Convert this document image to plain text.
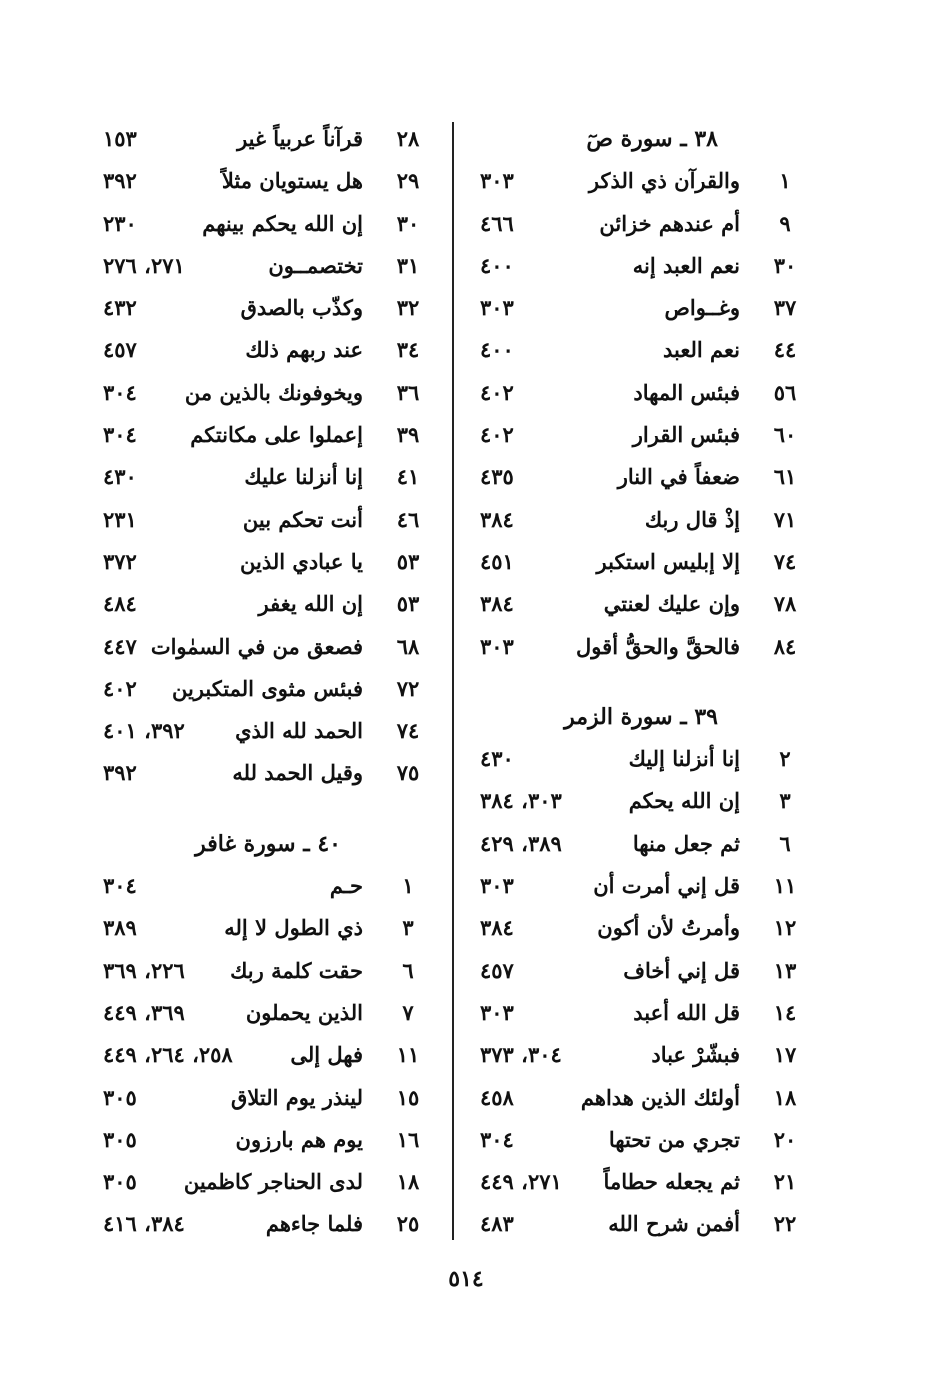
٣٨ ـ سورة صٓ
١
والقرآن ذي الذكر
٣٠٣
٩
أم عندهم خزائن
٤٦٦
٣٠
نعم العبد إنه
٤٠٠
٣٧
وغــواص
٣٠٣
٤٤
نعم العبد
٤٠٠
٥٦
فبئس المهاد
٤٠٢
٦٠
فبئس القرار
٤٠٢
٦١
ضعفاً في النار
٤٣٥
٧١
إذْ قال ربك
٣٨٤
٧٤
إلا إبليس استكبر
٤٥١
٧٨
وإن عليك لعنتي
٣٨٤
٨٤
فالحقَّ والحقُّ أقول
٣٠٣
٣٩ ـ سورة الزمر
٢
إنا أنزلنا إليك
٤٣٠
٣
إن الله يحكم
٣٠٣، ٣٨٤
٦
ثم جعل منها
٣٨٩، ٤٢٩
١١
قل إني أمرت أن
٣٠٣
١٢
وأمرتُ لأن أكون
٣٨٤
١٣
قل إني أخاف
٤٥٧
١٤
قل الله أعبد
٣٠٣
١٧
فبشّرْ عباد
٣٠٤، ٣٧٣
١٨
أولئك الذين هداهم
٤٥٨
٢٠
تجري من تحتها
٣٠٤
٢١
ثم يجعله حطاماً
٢٧١، ٤٤٩
٢٢
أفمن شرح الله
٤٨٣
٢٨
قرآناً عربياً غير
١٥٣
٢٩
هل يستويان مثلاً
٣٩٢
٣٠
إن الله يحكم بينهم
٢٣٠
٣١
تختصمــون
٢٧١، ٢٧٦
٣٢
وكذّب بالصدق
٤٣٢
٣٤
عند ربهم ذلك
٤٥٧
٣٦
ويخوفونك بالذين من
٣٠٤
٣٩
إعملوا على مكانتكم
٣٠٤
٤١
إنا أنزلنا عليك
٤٣٠
٤٦
أنت تحكم بين
٢٣١
٥٣
يا عبادي الذين
٣٧٢
٥٣
إن الله يغفر
٤٨٤
٦٨
فصعق من في السمٰوات
٤٤٧
٧٢
فبئس مثوى المتكبرين
٤٠٢
٧٤
الحمد لله الذي
٣٩٢، ٤٠١
٧٥
وقيل الحمد لله
٣٩٢
٤٠ ـ سورة غافر
١
حـم
٣٠٤
٣
ذي الطول لا إله
٣٨٩
٦
حقت كلمة ربك
٢٢٦، ٣٦٩
٧
الذين يحملون
٣٦٩، ٤٤٩
١١
فهل إلى
٢٥٨، ٢٦٤، ٤٤٩
١٥
لينذر يوم التلاق
٣٠٥
١٦
يوم هم بارزون
٣٠٥
١٨
لدى الحناجر كاظمين
٣٠٥
٢٥
فلما جاءهم
٣٨٤، ٤١٦
٥١٤
